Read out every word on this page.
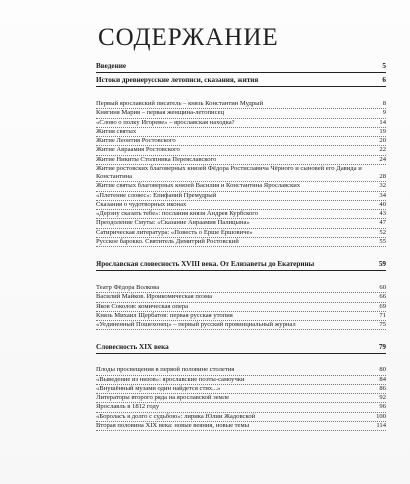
СОДЕРЖАНИЕ
Введение	5
Истоки древнерусские летописи, сказания, жития	6
Первый ярославский писатель – князь Константин Мудрый	8
Княгиня Мария – первая женщина-летописец	9
«Слово о полку Игореве» – ярославская находка?	14
Жития святых	19
Житие Леонтия Ростовского	20
Житие Авраамия Ростовского	22
Житие Никиты Столпника Переяславского	24
Житие ростовских благоверных князей Фёдора Ростиславича Чёрного и сыновей его Давида и Константина	28
Житие святых благоверных князей Василия и Константина Ярославских	32
«Плетение словес»: Епифаний Премудрый	34
Сказания о чудотворных иконах	40
«Дерзну сказать тебе»: послания князя Андрея Курбского	43
Преодоление Смуты: «Сказание Авраамия Палицына»	47
Сатирическая литература: «Повесть о Ерше Ершовиче»	52
Русское барокко. Святитель Димитрий Ростовский	55
Ярославская словесность XVIII века. От Елизаветы до Екатерины	59
Театр Фёдора Волкова	60
Василий Майков. Ироикомическая поэма	66
Яков Соколов: комическая опера	69
Князь Михаил Щербатов: первая русская утопия	71
«Уединенный Пошехонец» – первый русский провинциальный журнал	75
Словесность XIX века	79
Плоды просвещения в первой половине столетия	80
«Выведение из низов»: ярославские поэты-самоучки	84
«Внушённый музами один найдется стих...»	86
Литераторы второго ряда на ярославской земле	92
Ярославль в 1812 году	96
«Бороласъ я долго с судьбою»: лирика Юлии Жадовской	100
Вторая половина XIX века: новые веяния, новые темы	114
